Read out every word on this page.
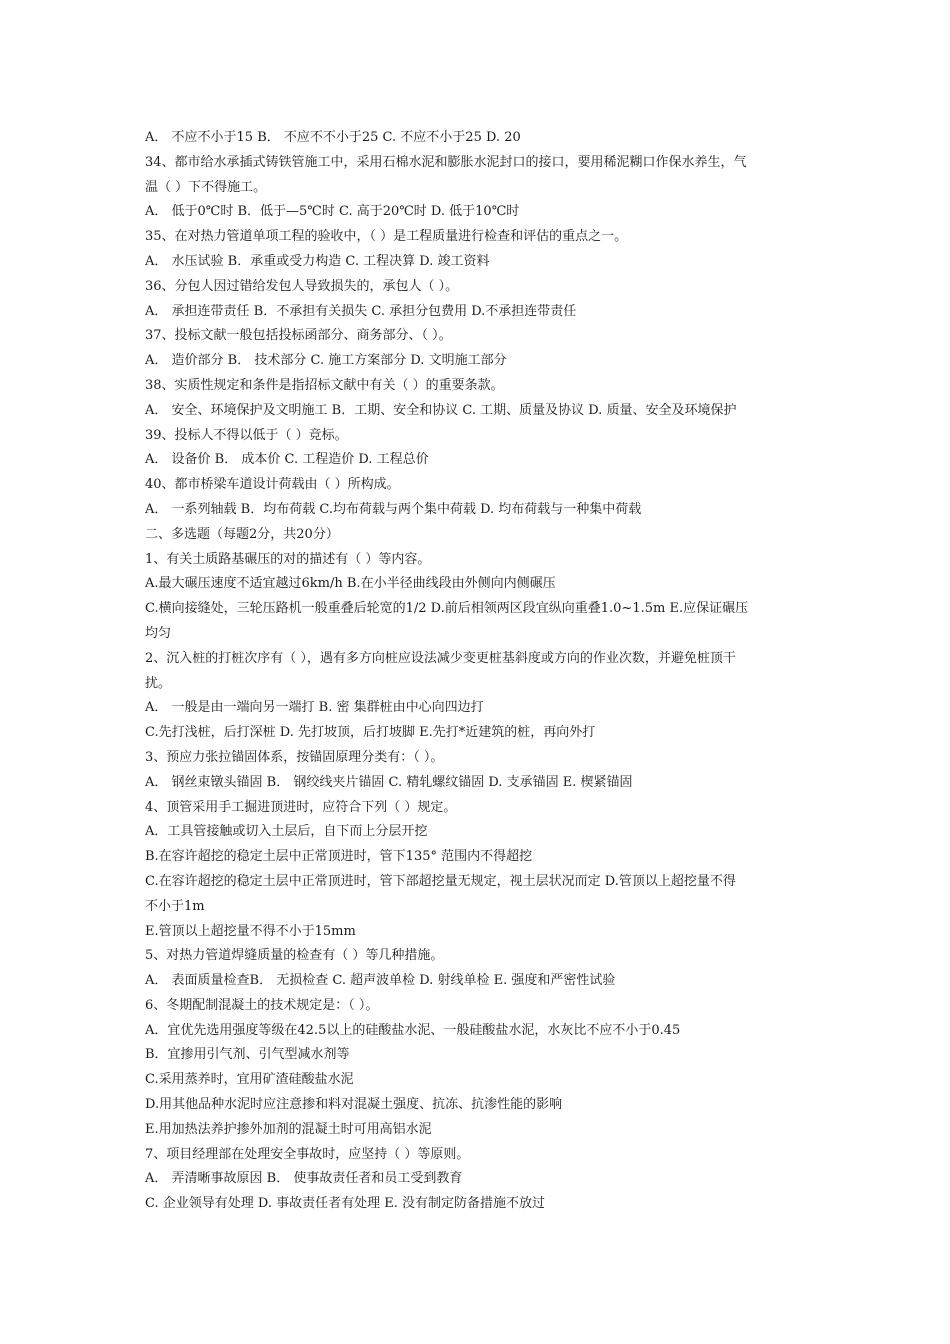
A． 不应不小于15 B． 不应不不小于25 C. 不应不小于25 D. 20

34、都市给水承插式铸铁管施工中，采用石棉水泥和膨胀水泥封口的接口，要用稀泥糊口作保水养生，气

温（ ）下不得施工。

A． 低于0℃时 B．低于—5℃时 C. 高于20℃时 D. 低于10℃时

35、在对热力管道单项工程的验收中，（ ）是工程质量进行检查和评估的重点之一。

A． 水压试验 B．承重或受力构造 C. 工程决算 D. 竣工资料

36、分包人因过错给发包人导致损失的，承包人（ ）。

A． 承担连带责任 B．不承担有关损失 C. 承担分包费用 D.不承担连带责任

37、投标文献一般包括投标函部分、商务部分、（ ）。

A． 造价部分 B． 技术部分 C. 施工方案部分 D. 文明施工部分

38、实质性规定和条件是指招标文献中有关（ ）的重要条款。

A． 安全、环境保护及文明施工 B．工期、安全和协议 C. 工期、质量及协议 D. 质量、安全及环境保护

39、投标人不得以低于（ ）竞标。

A． 设备价 B． 成本价 C. 工程造价 D. 工程总价

40、都市桥梁车道设计荷载由（ ）所构成。

A． 一系列轴载 B．均布荷载 C.均布荷载与两个集中荷载 D. 均布荷载与一种集中荷载

二、多选题（每题2分，共20分）

1、有关土质路基碾压的对的描述有（ ）等内容。

A.最大碾压速度不适宜越过6km/h B.在小半径曲线段由外侧向内侧碾压

C.横向接缝处，三轮压路机一般重叠后轮宽的1/2 D.前后相领两区段宜纵向重叠1.0~1.5m E.应保证碾压

均匀

2、沉入桩的打桩次序有（ ），遇有多方向桩应设法减少变更桩基斜度或方向的作业次数，并避免桩顶干

扰。

A． 一般是由一端向另一端打 B. 密 集群桩由中心向四边打

C.先打浅桩，后打深桩 D. 先打坡顶，后打坡脚 E.先打*近建筑的桩，再向外打

3、预应力张拉锚固体系，按锚固原理分类有：（ ）。

A． 钢丝束镦头锚固 B． 钢绞线夹片锚固 C. 精轧螺纹锚固 D. 支承锚固 E. 楔紧锚固

4、顶管采用手工掘进顶进时，应符合下列（ ）规定。

A．工具管接触或切入土层后，自下而上分层开挖

B.在容许超挖的稳定土层中正常顶进时，管下135° 范围内不得超挖

C.在容许超挖的稳定土层中正常顶进时，管下部超挖量无规定，视土层状况而定 D.管顶以上超挖量不得

不小于1m

E.管顶以上超挖量不得不小于15mm

5、对热力管道焊缝质量的检查有（ ）等几种措施。

A． 表面质量检查B． 无损检查 C. 超声波单检 D. 射线单检 E. 强度和严密性试验

6、冬期配制混凝土的技术规定是：（ ）。

A．宜优先选用强度等级在42.5以上的硅酸盐水泥、一般硅酸盐水泥，水灰比不应不小于0.45

B．宜掺用引气剂、引气型减水剂等

C.采用蒸养时，宜用矿渣硅酸盐水泥

D.用其他品种水泥时应注意掺和料对混凝土强度、抗冻、抗渗性能的影响

E.用加热法养护掺外加剂的混凝土时可用高铝水泥

7、项目经理部在处理安全事故时，应坚持（ ）等原则。

A． 弄清晰事故原因 B． 使事故责任者和员工受到教育

C. 企业领导有处理 D. 事故责任者有处理 E. 没有制定防备措施不放过
